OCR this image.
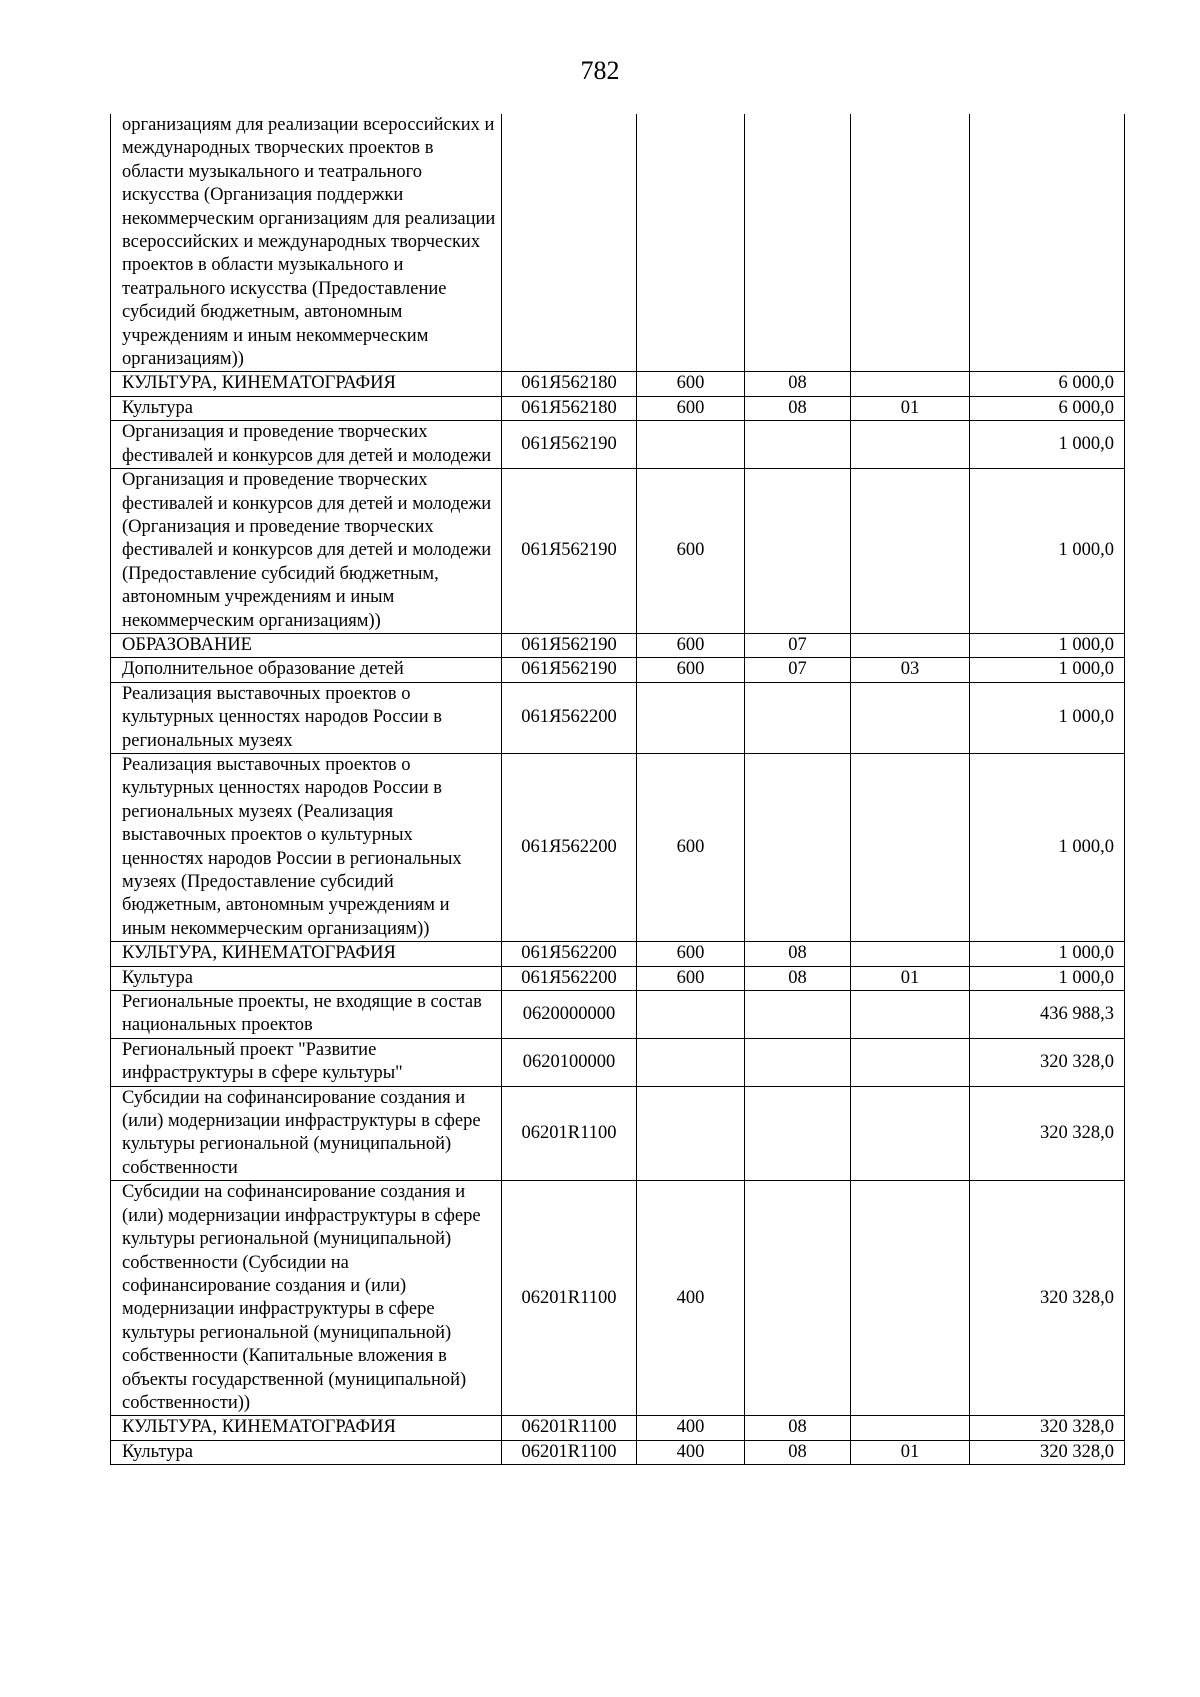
782
организациям для реализации всероссийских и международных творческих проектов в области музыкального и театрального искусства (Организация поддержки некоммерческим организациям для реализации всероссийских и международных творческих проектов в области музыкального и театрального искусства (Предоставление субсидий бюджетным, автономным учреждениям и иным некоммерческим организациям))					
КУЛЬТУРА, КИНЕМАТОГРАФИЯ	061Я562180	600	08		6 000,0
Культура	061Я562180	600	08	01	6 000,0
Организация и проведение творческих фестивалей и конкурсов для детей и молодежи	061Я562190				1 000,0
Организация и проведение творческих фестивалей и конкурсов для детей и молодежи (Организация и проведение творческих фестивалей и конкурсов для детей и молодежи (Предоставление субсидий бюджетным, автономным учреждениям и иным некоммерческим организациям))	061Я562190	600			1 000,0
ОБРАЗОВАНИЕ	061Я562190	600	07		1 000,0
Дополнительное образование детей	061Я562190	600	07	03	1 000,0
Реализация выставочных проектов о культурных ценностях народов России в региональных музеях	061Я562200				1 000,0
Реализация выставочных проектов о культурных ценностях народов России в региональных музеях (Реализация выставочных проектов о культурных ценностях народов России в региональных музеях (Предоставление субсидий бюджетным, автономным учреждениям и иным некоммерческим организациям))	061Я562200	600			1 000,0
КУЛЬТУРА, КИНЕМАТОГРАФИЯ	061Я562200	600	08		1 000,0
Культура	061Я562200	600	08	01	1 000,0
Региональные проекты, не входящие в состав национальных проектов	0620000000				436 988,3
Региональный проект "Развитие инфраструктуры в сфере культуры"	0620100000				320 328,0
Субсидии на софинансирование создания и (или) модернизации инфраструктуры в сфере культуры региональной (муниципальной) собственности	06201R1100				320 328,0
Субсидии на софинансирование создания и (или) модернизации инфраструктуры в сфере культуры региональной (муниципальной) собственности (Субсидии на софинансирование создания и (или) модернизации инфраструктуры в сфере культуры региональной (муниципальной) собственности (Капитальные вложения в объекты государственной (муниципальной) собственности))	06201R1100	400			320 328,0
КУЛЬТУРА, КИНЕМАТОГРАФИЯ	06201R1100	400	08		320 328,0
Культура	06201R1100	400	08	01	320 328,0
